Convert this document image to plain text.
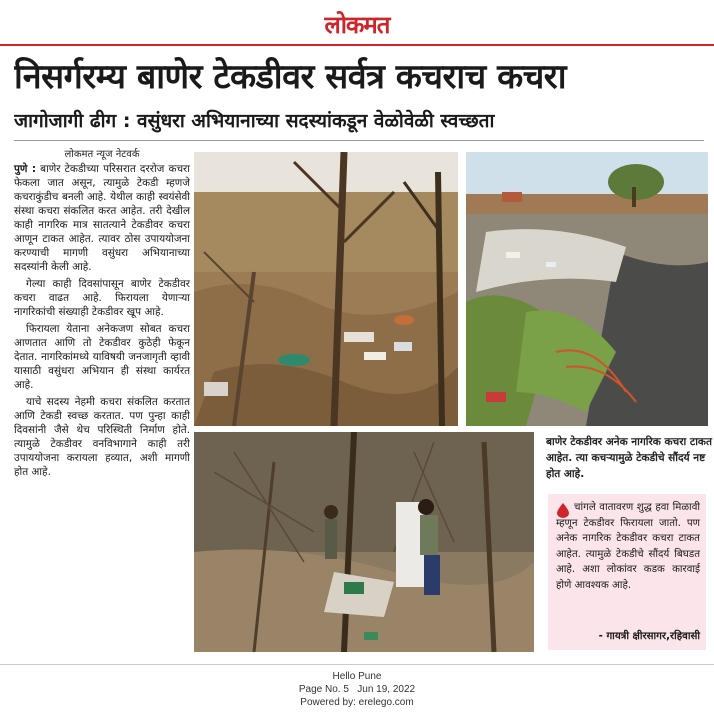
लोकमत
निसर्गरम्य बाणेर टेकडीवर सर्वत्र कचराच कचरा
जागोजागी ढीग : वसुंधरा अभियानाच्या सदस्यांकडून वेळोवेळी स्वच्छता
लोकमत न्यूज नेटवर्क

पुणे : बाणेर टेकडीच्या परिसरात दररोज कचरा फेकला जात असून, त्यामुळे टेकडी म्हणजे कचराकुंडीच बनली आहे. येथील काही स्वयंसेवी संस्था कचरा संकलित करत आहेत. तरी देखील काही नागरिक मात्र सातत्याने टेकडीवर कचरा आणून टाकत आहेत. त्यावर ठोस उपाययोजना करण्याची मागणी वसुंधरा अभियानाच्या सदस्यांनी केली आहे.

गेल्या काही दिवसांपासून बाणेर टेकडीवर कचरा वाढत आहे. फिरायला येणाऱ्या नागरिकांची संख्याही टेकडीवर खूप आहे.

फिरायला येताना अनेकजण सोबत कचरा आणतात आणि तो टेकडीवर कुठेही फेकून देतात. नागरिकांमध्ये याविषयी जनजागृती व्हावी यासाठी वसुंधरा अभियान ही संस्था कार्यरत आहे.

याचे सदस्य नेहमी कचरा संकलित करतात आणि टेकडी स्वच्छ करतात. पण पुन्हा काही दिवसांनी जैसे थेच परिस्थिती निर्माण होते. त्यामुळे टेकडीवर वनविभागाने काही तरी उपाययोजना करायला हव्यात, अशी मागणी होत आहे.

बाणेर टेकडीवर अनेक नागरिक कचरा टाकत आहेत. त्या कचऱ्यामुळे टेकडीचे सौंदर्य नष्ट होत आहे.
चांगले वातावरण शुद्ध हवा मिळावी म्हणून टेकडीवर फिरायला जातो. पण अनेक नागरिक टेकडीवर कचरा टाकत आहेत. त्यामुळे टेकडीचे सौंदर्य बिघडत आहे. अशा लोकांवर कडक कारवाई होणे आवश्यक आहे.
- गायत्री क्षीरसागर,रहिवासी
Hello Pune
Page No. 5 Jun 19, 2022
Powered by: erelego.com
